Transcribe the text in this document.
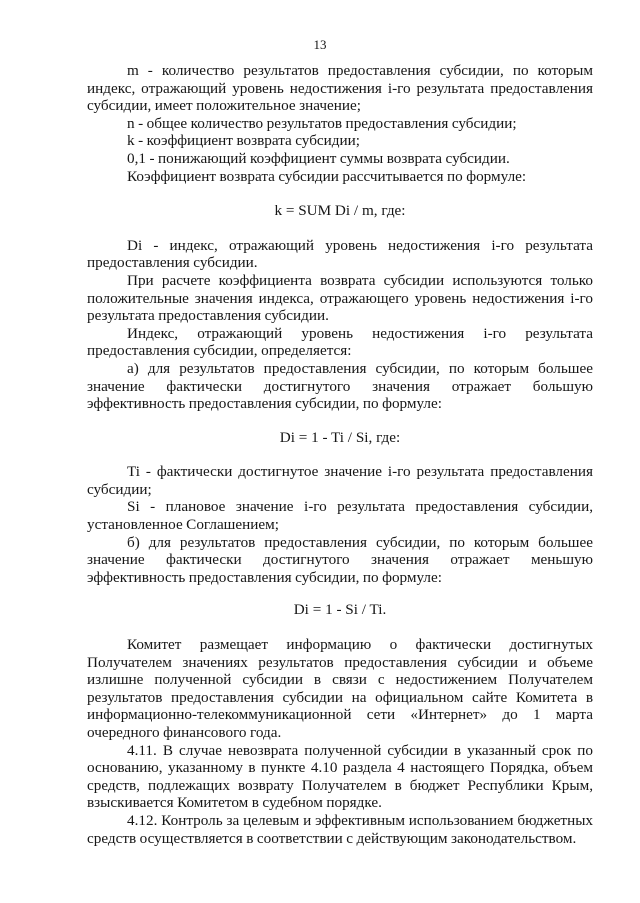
13

m - количество результатов предоставления субсидии, по которым индекс, отражающий уровень недостижения i-го результата предоставления субсидии, имеет положительное значение;

n - общее количество результатов предоставления субсидии;

k - коэффициент возврата субсидии;

0,1 - понижающий коэффициент суммы возврата субсидии.

Коэффициент возврата субсидии рассчитывается по формуле:

k = SUM Di / m, где:

Di - индекс, отражающий уровень недостижения i-го результата предоставления субсидии.

При расчете коэффициента возврата субсидии используются только положительные значения индекса, отражающего уровень недостижения i-го результата предоставления субсидии.

Индекс, отражающий уровень недостижения i-го результата предоставления субсидии, определяется:

а) для результатов предоставления субсидии, по которым большее значение фактически достигнутого значения отражает большую эффективность предоставления субсидии, по формуле:

Di = 1 - Ti / Si, где:

Ti - фактически достигнутое значение i-го результата предоставления субсидии;

Si - плановое значение i-го результата предоставления субсидии, установленное Соглашением;

б) для результатов предоставления субсидии, по которым большее значение фактически достигнутого значения отражает меньшую эффективность предоставления субсидии, по формуле:

Di = 1 - Si / Ti.

Комитет размещает информацию о фактически достигнутых Получателем значениях результатов предоставления субсидии и объеме излишне полученной субсидии в связи с недостижением Получателем результатов предоставления субсидии на официальном сайте Комитета в информационно-телекоммуникационной сети «Интернет» до 1 марта очередного финансового года.

4.11. В случае невозврата полученной субсидии в указанный срок по основанию, указанному в пункте 4.10 раздела 4 настоящего Порядка, объем средств, подлежащих возврату Получателем в бюджет Республики Крым, взыскивается Комитетом в судебном порядке.

4.12. Контроль за целевым и эффективным использованием бюджетных средств осуществляется в соответствии с действующим законодательством.
